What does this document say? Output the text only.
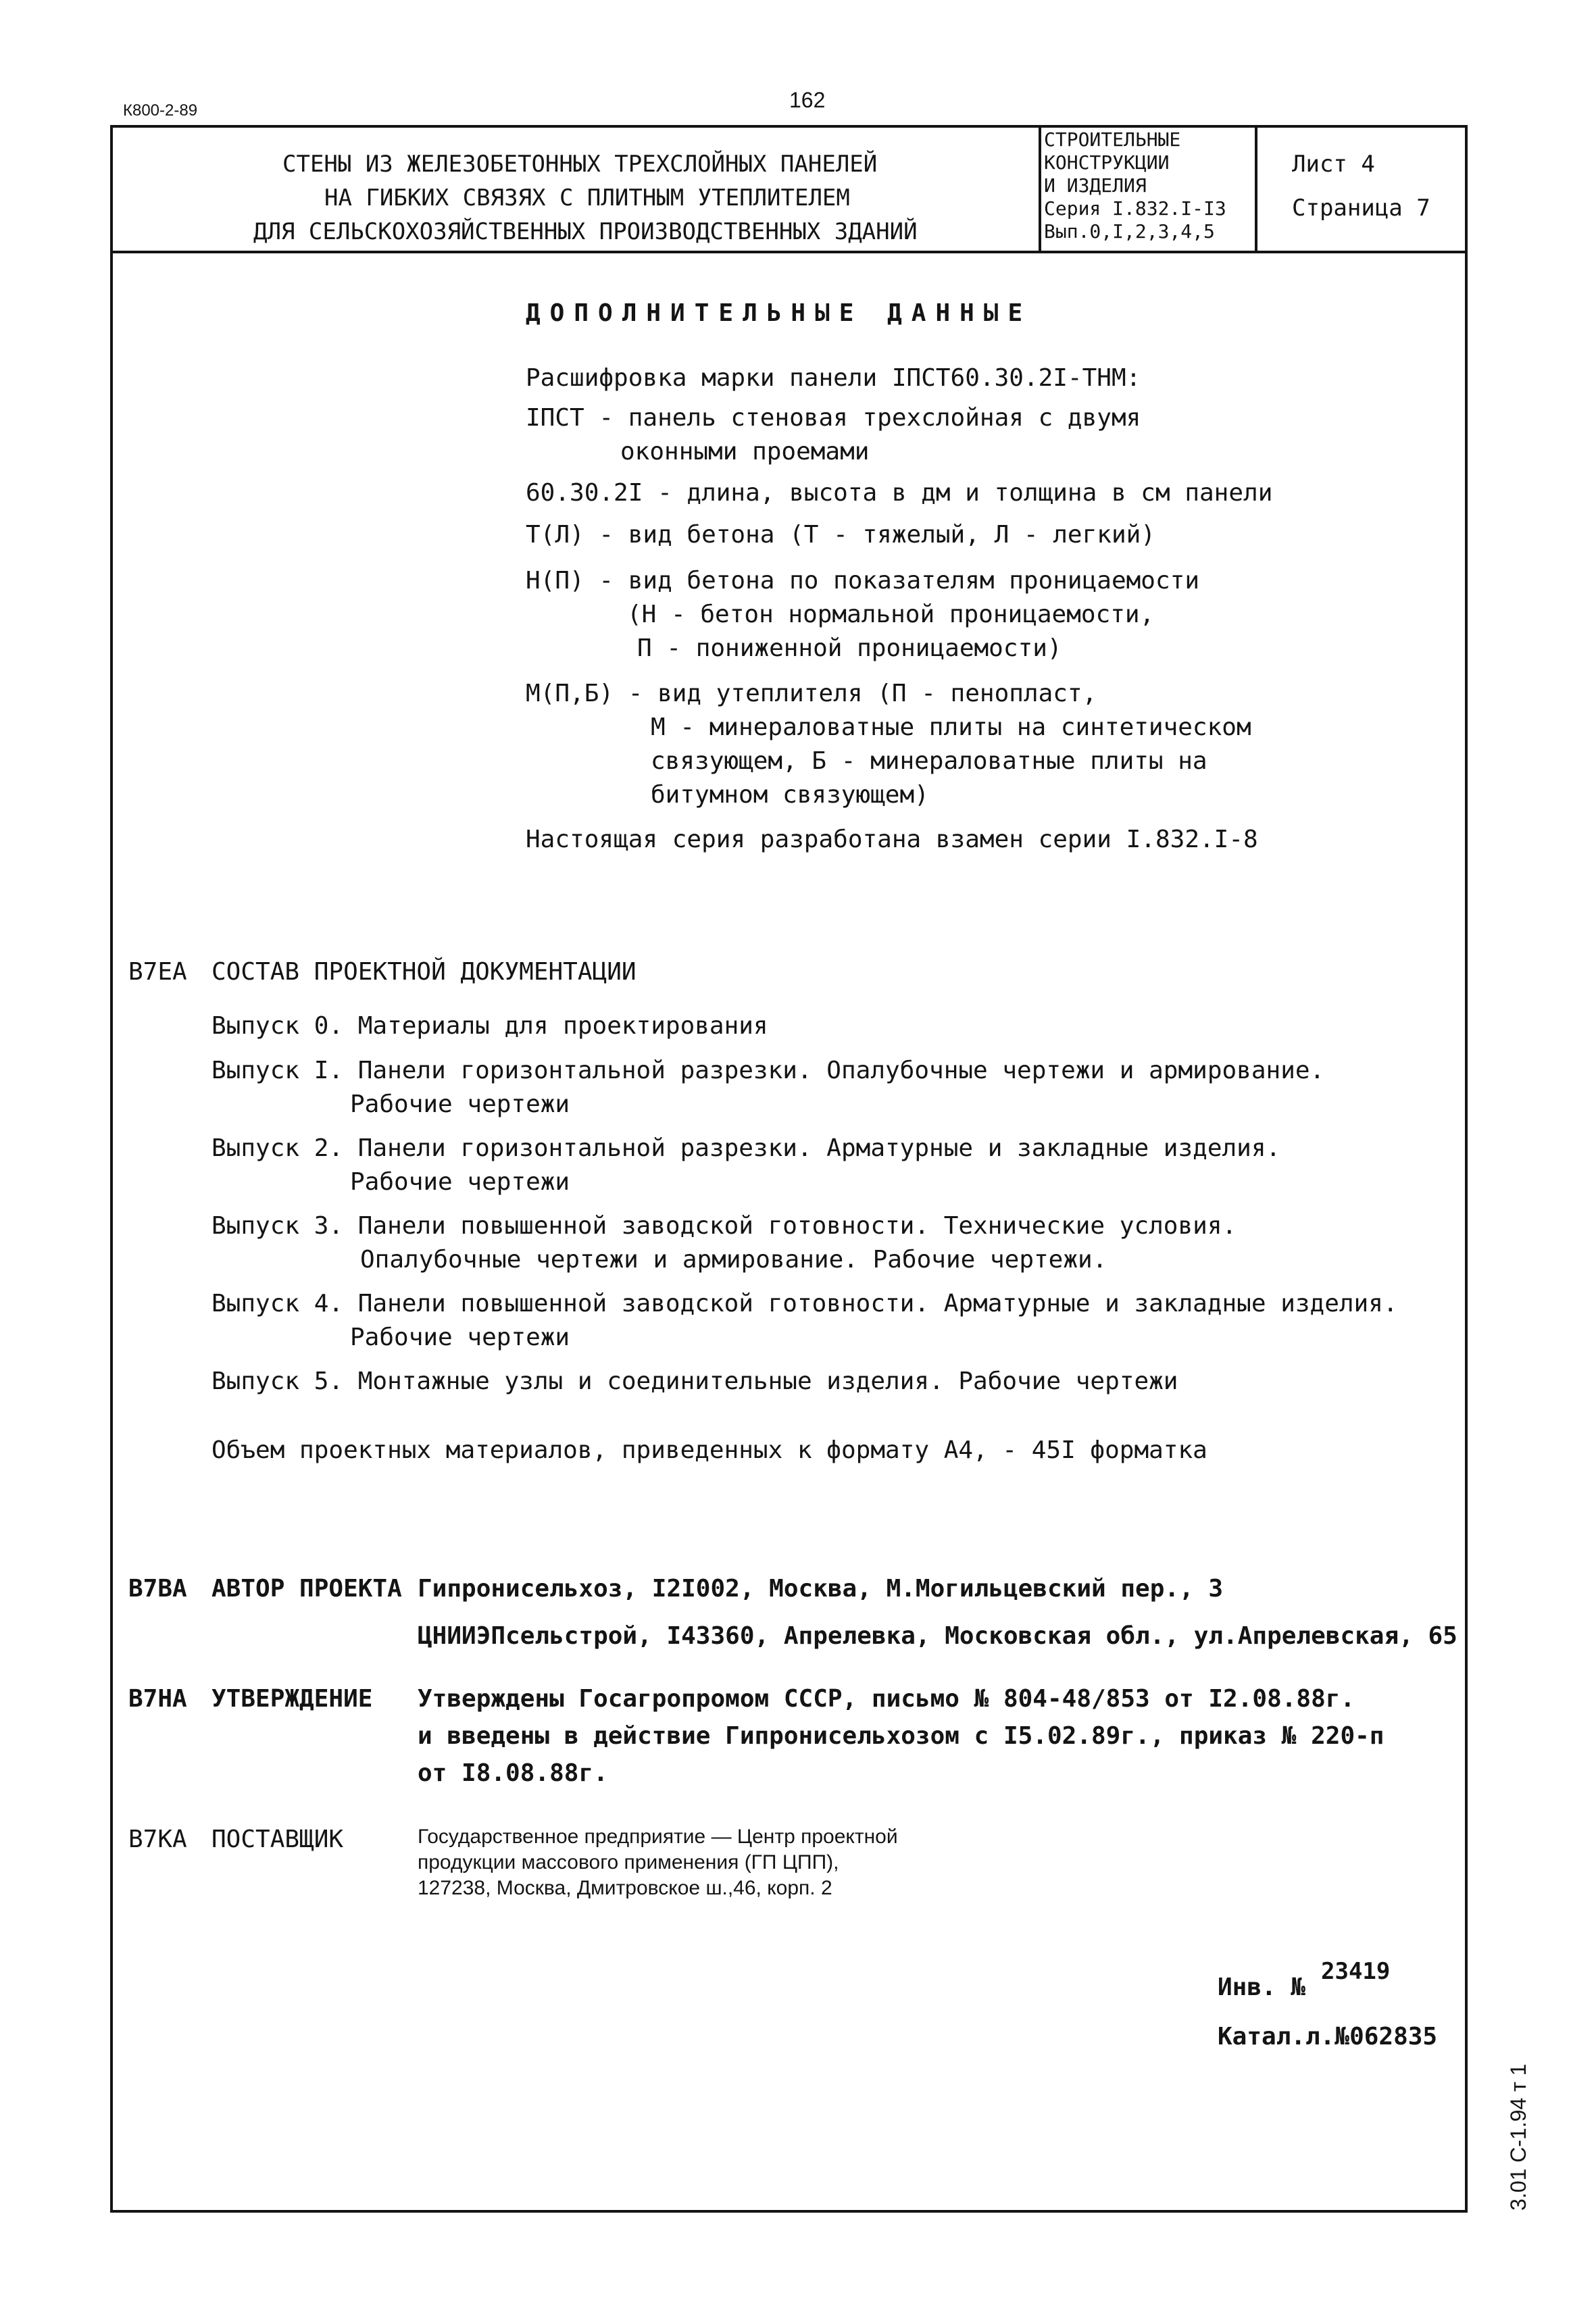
К800-2-89	162
СТЕНЫ ИЗ ЖЕЛЕЗОБЕТОННЫХ ТРЕХСЛОЙНЫХ ПАНЕЛЕЙ
НА ГИБКИХ СВЯЗЯХ С ПЛИТНЫМ УТЕПЛИТЕЛЕМ
ДЛЯ СЕЛЬСКОХОЗЯЙСТВЕННЫХ ПРОИЗВОДСТВЕННЫХ ЗДАНИЙ
СТРОИТЕЛЬНЫЕ
КОНСТРУКЦИИ
И ИЗДЕЛИЯ
Серия I.832.I-I3
Вып.0,I,2,3,4,5
Лист 4
Страница 7
ДОПОЛНИТЕЛЬНЫЕ ДАННЫЕ
Расшифровка марки панели IПСТ60.30.2I-ТНМ:
IПСТ - панель стеновая трехслойная с двумя
оконными проемами
60.30.2I - длина, высота в дм и толщина в см панели
Т(Л) - вид бетона (Т - тяжелый, Л - легкий)
Н(П) - вид бетона по показателям проницаемости
(Н - бетон нормальной проницаемости,
П - пониженной проницаемости)
М(П,Б) - вид утеплителя (П - пенопласт,
М - минераловатные плиты на синтетическом
связующем, Б - минераловатные плиты на
битумном связующем)
Настоящая серия разработана взамен серии I.832.I-8
В7ЕА СОСТАВ ПРОЕКТНОЙ ДОКУМЕНТАЦИИ
Выпуск 0. Материалы для проектирования
Выпуск I. Панели горизонтальной разрезки. Опалубочные чертежи и армирование.
Рабочие чертежи
Выпуск 2. Панели горизонтальной разрезки. Арматурные и закладные изделия.
Рабочие чертежи
Выпуск 3. Панели повышенной заводской готовности. Технические условия.
Опалубочные чертежи и армирование. Рабочие чертежи.
Выпуск 4. Панели повышенной заводской готовности. Арматурные и закладные изделия.
Рабочие чертежи
Выпуск 5. Монтажные узлы и соединительные изделия. Рабочие чертежи
Объем проектных материалов, приведенных к формату А4, - 45I форматка
В7ВА АВТОР ПРОЕКТА Гипронисельхоз, I2I002, Москва, М.Могильцевский пер., 3
ЦНИИЭПсельстрой, I43360, Апрелевка, Московская обл., ул.Апрелевская, 65
В7НА УТВЕРЖДЕНИЕ Утверждены Госагропромом СССР, письмо № 804-48/853 от I2.08.88г.
и введены в действие Гипронисельхозом с I5.02.89г., приказ № 220-п
от I8.08.88г.
В7КА ПОСТАВЩИК	Государственное предприятие — Центр проектной
продукции массового применения (ГП ЦПП),
127238, Москва, Дмитровское ш.,46, корп. 2
Инв. №
23419
Катал.л.№062835
3.01 С-1.94 т 1
